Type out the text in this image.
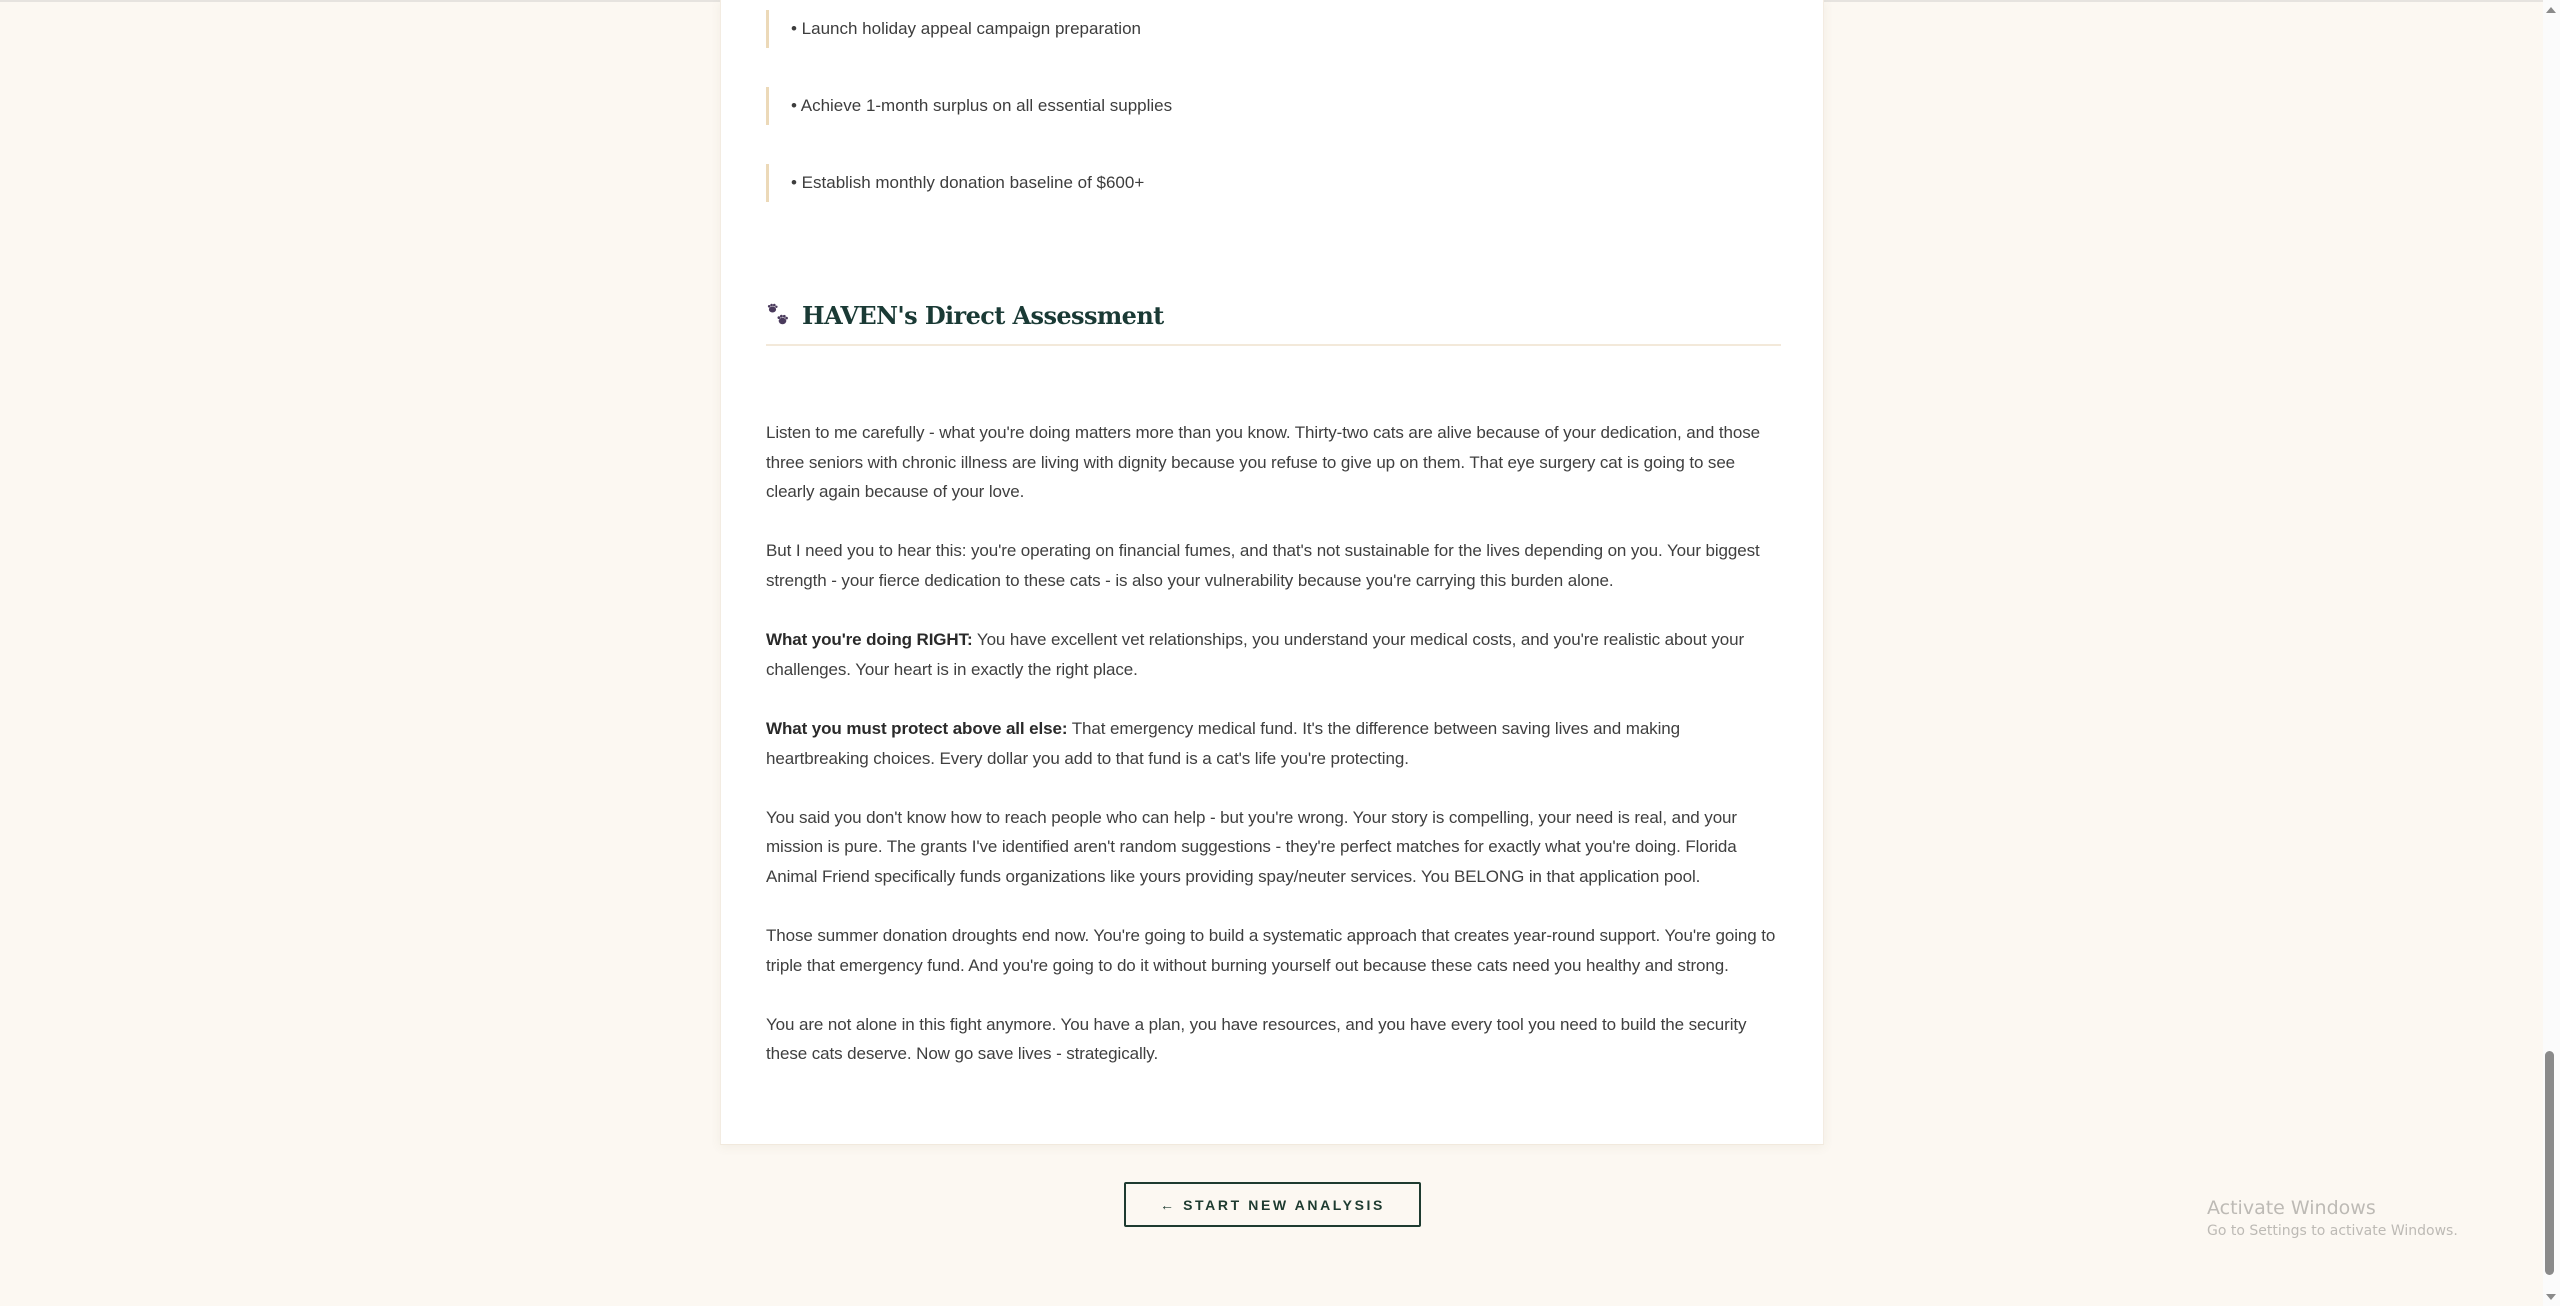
• Launch holiday appeal campaign preparation
• Achieve 1-month surplus on all essential supplies
• Establish monthly donation baseline of $600+
HAVEN's Direct Assessment

Listen to me carefully - what you're doing matters more than you know. Thirty-two cats are alive because of your dedication, and those three seniors with chronic illness are living with dignity because you refuse to give up on them. That eye surgery cat is going to see clearly again because of your love.

But I need you to hear this: you're operating on financial fumes, and that's not sustainable for the lives depending on you. Your biggest strength - your fierce dedication to these cats - is also your vulnerability because you're carrying this burden alone.

What you're doing RIGHT: You have excellent vet relationships, you understand your medical costs, and you're realistic about your challenges. Your heart is in exactly the right place.

What you must protect above all else: That emergency medical fund. It's the difference between saving lives and making heartbreaking choices. Every dollar you add to that fund is a cat's life you're protecting.

You said you don't know how to reach people who can help - but you're wrong. Your story is compelling, your need is real, and your mission is pure. The grants I've identified aren't random suggestions - they're perfect matches for exactly what you're doing. Florida Animal Friend specifically funds organizations like yours providing spay/neuter services. You BELONG in that application pool.

Those summer donation droughts end now. You're going to build a systematic approach that creates year-round support. You're going to triple that emergency fund. And you're going to do it without burning yourself out because these cats need you healthy and strong.

You are not alone in this fight anymore. You have a plan, you have resources, and you have every tool you need to build the security these cats deserve. Now go save lives - strategically.

← START NEW ANALYSIS	Activate Windows
Go to Settings to activate Windows.
